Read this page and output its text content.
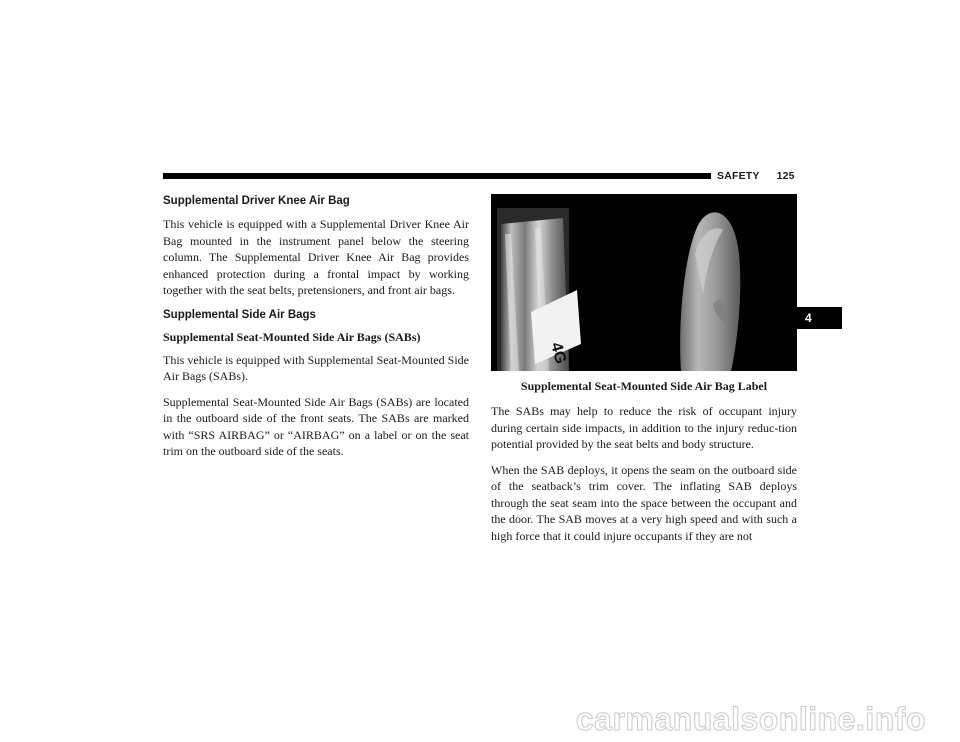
SAFETY 125
Supplemental Driver Knee Air Bag

This vehicle is equipped with a Supplemental Driver Knee Air Bag mounted in the instrument panel below the steering column. The Supplemental Driver Knee Air Bag provides enhanced protection during a frontal impact by working together with the seat belts, pretensioners, and front air bags.

Supplemental Side Air Bags
Supplemental Seat-Mounted Side Air Bags (SABs)

This vehicle is equipped with Supplemental Seat-Mounted Side Air Bags (SABs).

Supplemental Seat-Mounted Side Air Bags (SABs) are located in the outboard side of the front seats. The SABs are marked with “SRS AIRBAG” or “AIRBAG” on a label or on the seat trim on the outboard side of the seats.

4G
Supplemental Seat-Mounted Side Air Bag Label

The SABs may help to reduce the risk of occupant injury during certain side impacts, in addition to the injury reduc-tion potential provided by the seat belts and body structure.

When the SAB deploys, it opens the seam on the outboard side of the seatback’s trim cover. The inflating SAB deploys through the seat seam into the space between the occupant and the door. The SAB moves at a very high speed and with such a high force that it could injure occupants if they are not

4
carmanualsonline.info
